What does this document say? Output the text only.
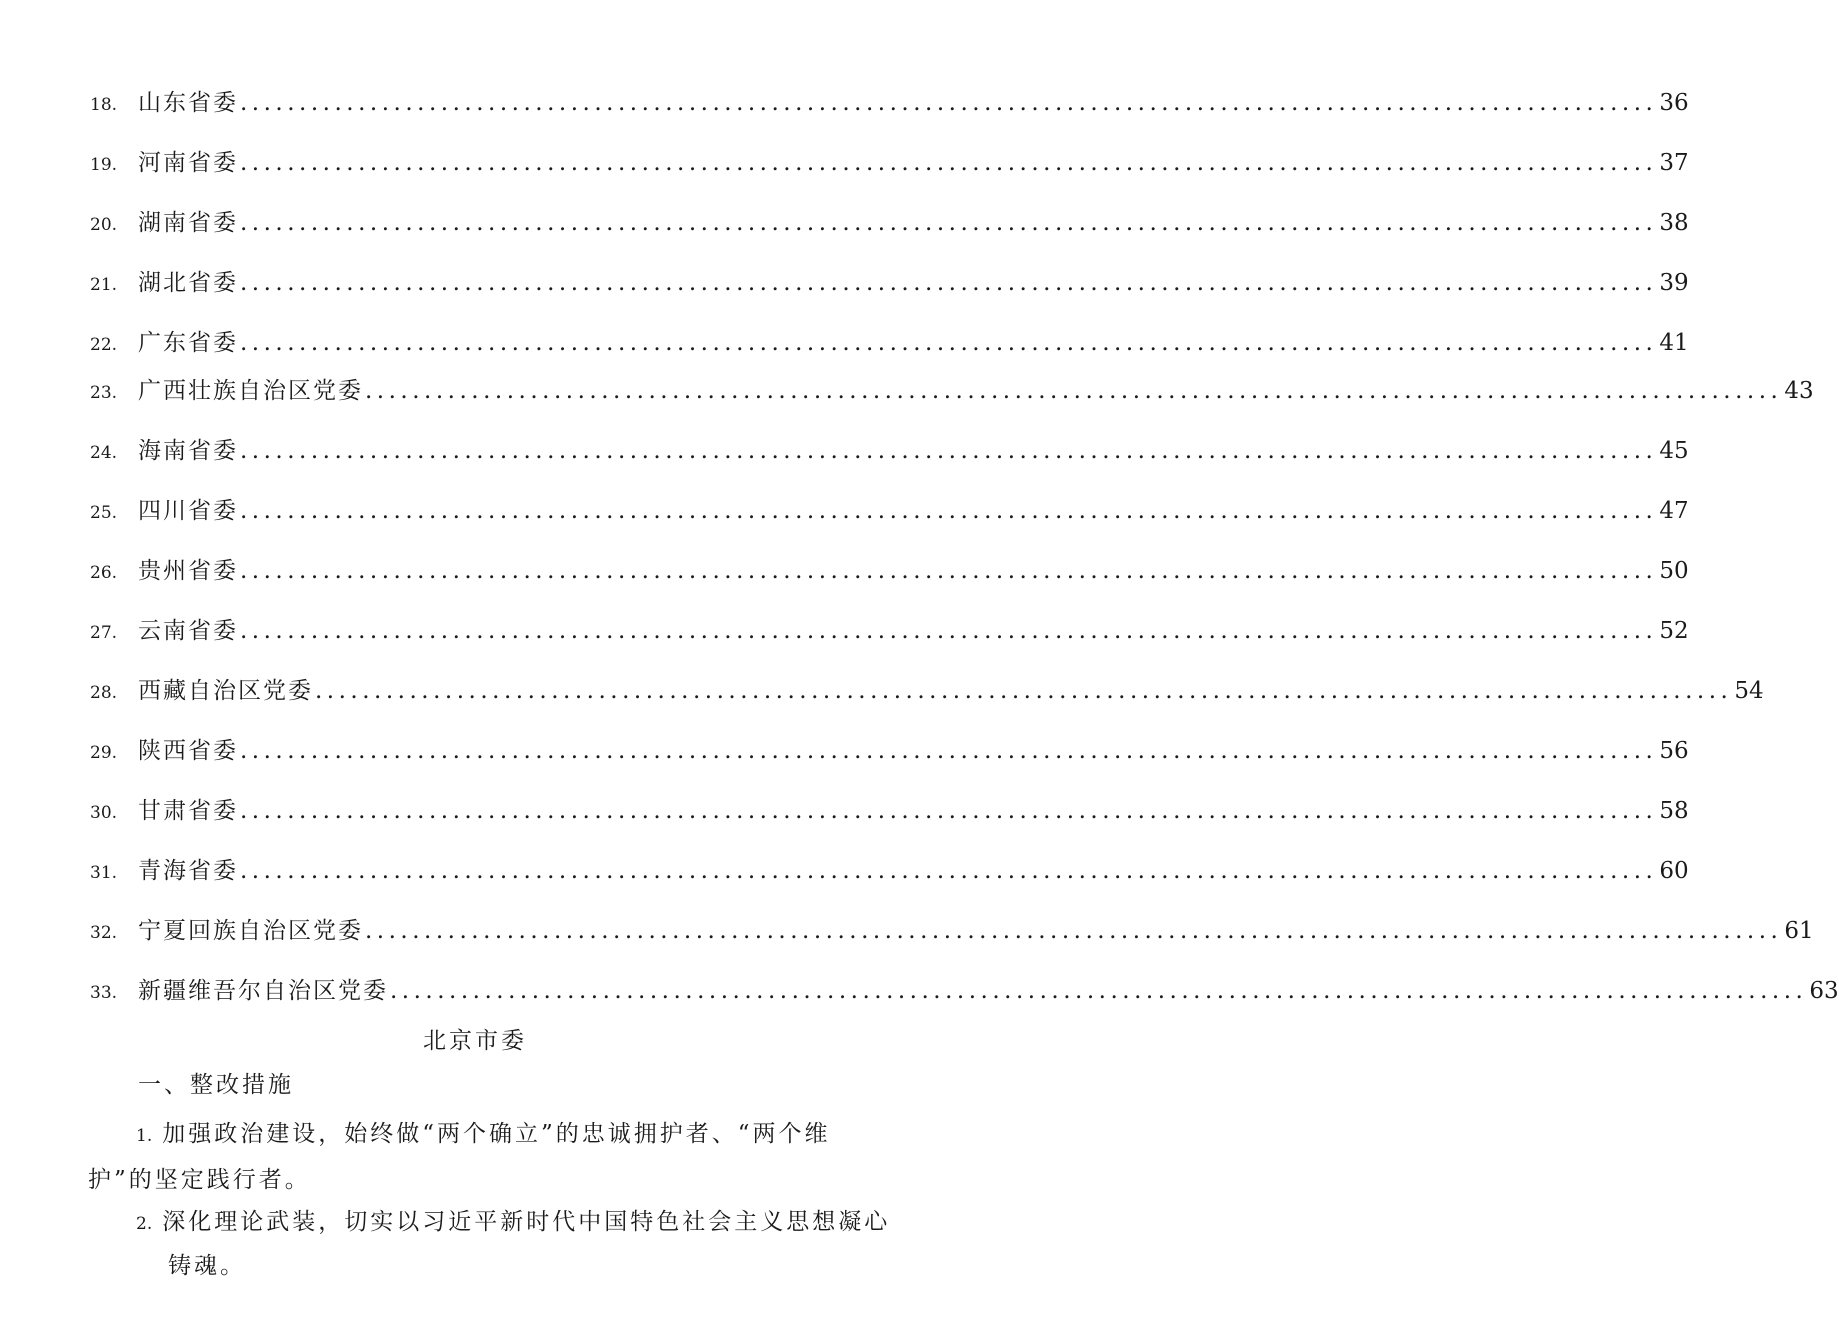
18. 山东省委 ........................................................................................................................ 36
19. 河南省委 ........................................................................................................................ 37
20. 湖南省委 ........................................................................................................................ 38
21. 湖北省委 ........................................................................................................................ 39
22. 广东省委 ........................................................................................................................ 41
23. 广西壮族自治区党委 ........................................................................................................................ 43
24. 海南省委 ........................................................................................................................ 45
25. 四川省委 ........................................................................................................................ 47
26. 贵州省委 ........................................................................................................................ 50
27. 云南省委 ........................................................................................................................ 52
28. 西藏自治区党委 ........................................................................................................................ 54
29. 陕西省委 ........................................................................................................................ 56
30. 甘肃省委 ........................................................................................................................ 58
31. 青海省委 ........................................................................................................................ 60
32. 宁夏回族自治区党委 ........................................................................................................................ 61
33. 新疆维吾尔自治区党委 ........................................................................................................................ 63
北京市委
一、整改措施
1. 加强政治建设，始终做“两个确立”的忠诚拥护者、“两个维护”的坚定践行者。
2. 深化理论武装，切实以习近平新时代中国特色社会主义思想凝心
铸魂。
